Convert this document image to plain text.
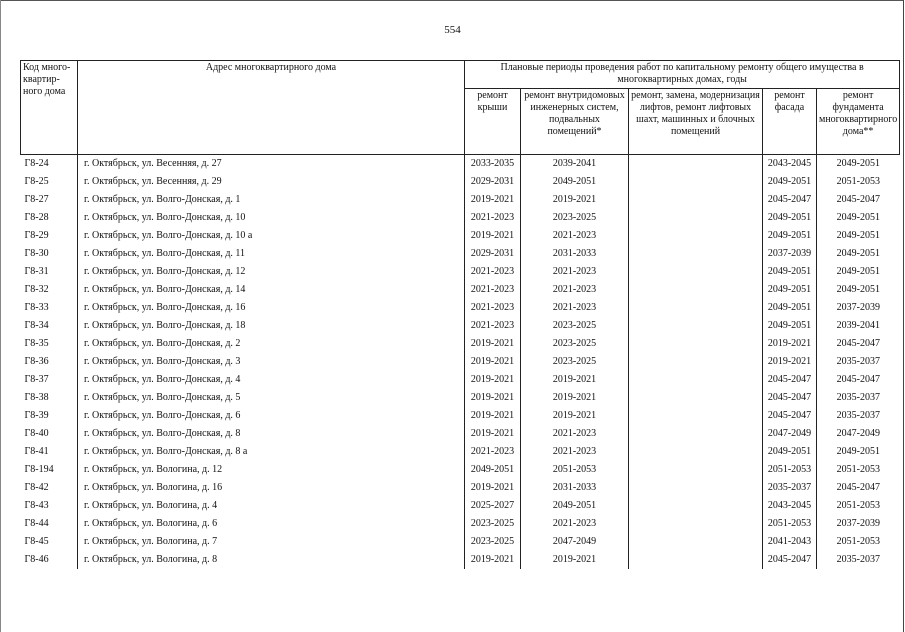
554
Код много-квартир-ного дома	Адрес многоквартирного дома	Плановые периоды проведения работ по капитальному ремонту общего имущества в многоквартирных домах, годы				
		ремонт крыши	ремонт внутридомовых инженерных систем, подвальных помещений*	ремонт, замена, модернизация лифтов, ремонт лифтовых шахт, машинных и блочных помещений	ремонт фасада	ремонт фундамента многоквартирного дома**
Г8-24	г. Октябрьск, ул. Весенняя, д. 27	2033-2035	2039-2041		2043-2045	2049-2051
Г8-25	г. Октябрьск, ул. Весенняя, д. 29	2029-2031	2049-2051		2049-2051	2051-2053
Г8-27	г. Октябрьск, ул. Волго-Донская, д. 1	2019-2021	2019-2021		2045-2047	2045-2047
Г8-28	г. Октябрьск, ул. Волго-Донская, д. 10	2021-2023	2023-2025		2049-2051	2049-2051
Г8-29	г. Октябрьск, ул. Волго-Донская, д. 10 а	2019-2021	2021-2023		2049-2051	2049-2051
Г8-30	г. Октябрьск, ул. Волго-Донская, д. 11	2029-2031	2031-2033		2037-2039	2049-2051
Г8-31	г. Октябрьск, ул. Волго-Донская, д. 12	2021-2023	2021-2023		2049-2051	2049-2051
Г8-32	г. Октябрьск, ул. Волго-Донская, д. 14	2021-2023	2021-2023		2049-2051	2049-2051
Г8-33	г. Октябрьск, ул. Волго-Донская, д. 16	2021-2023	2021-2023		2049-2051	2037-2039
Г8-34	г. Октябрьск, ул. Волго-Донская, д. 18	2021-2023	2023-2025		2049-2051	2039-2041
Г8-35	г. Октябрьск, ул. Волго-Донская, д. 2	2019-2021	2023-2025		2019-2021	2045-2047
Г8-36	г. Октябрьск, ул. Волго-Донская, д. 3	2019-2021	2023-2025		2019-2021	2035-2037
Г8-37	г. Октябрьск, ул. Волго-Донская, д. 4	2019-2021	2019-2021		2045-2047	2045-2047
Г8-38	г. Октябрьск, ул. Волго-Донская, д. 5	2019-2021	2019-2021		2045-2047	2035-2037
Г8-39	г. Октябрьск, ул. Волго-Донская, д. 6	2019-2021	2019-2021		2045-2047	2035-2037
Г8-40	г. Октябрьск, ул. Волго-Донская, д. 8	2019-2021	2021-2023		2047-2049	2047-2049
Г8-41	г. Октябрьск, ул. Волго-Донская, д. 8 а	2021-2023	2021-2023		2049-2051	2049-2051
Г8-194	г. Октябрьск, ул. Вологина, д. 12	2049-2051	2051-2053		2051-2053	2051-2053
Г8-42	г. Октябрьск, ул. Вологина, д. 16	2019-2021	2031-2033		2035-2037	2045-2047
Г8-43	г. Октябрьск, ул. Вологина, д. 4	2025-2027	2049-2051		2043-2045	2051-2053
Г8-44	г. Октябрьск, ул. Вологина, д. 6	2023-2025	2021-2023		2051-2053	2037-2039
Г8-45	г. Октябрьск, ул. Вологина, д. 7	2023-2025	2047-2049		2041-2043	2051-2053
Г8-46	г. Октябрьск, ул. Вологина, д. 8	2019-2021	2019-2021		2045-2047	2035-2037
